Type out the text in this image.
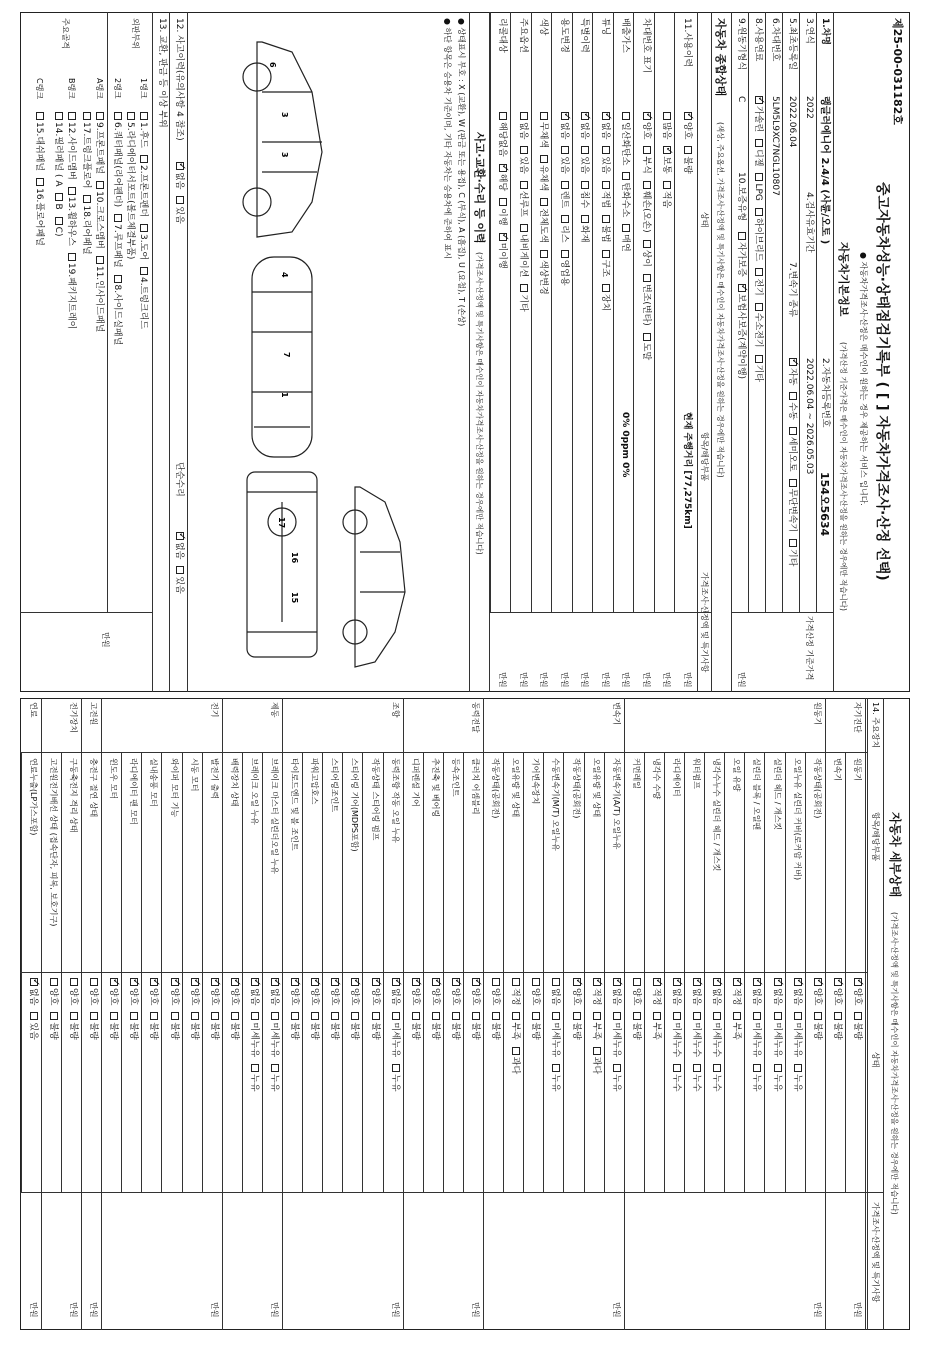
제25-00-031182호
중고자동차성능·상태점검기록부 ( [ ] 자동차가격조사·산정 선택)
● 자동차가격조사·산정은 매수인이 원하는 경우 제공하는 서비스 입니다.
자동차기본정보
(가격산정 기준가격은 매수인이 자동차가격조사·산정을 원하는 경우에만 적습니다)
1.차명
랭글러에니어 2.4/4 (사륜/오토 )
2.자동차등록번호
154오5634
3.연식
2022
4.검사유효기간
2022.06.04 ~ 2026.05.03
5.최초등록일
2022.06.04
7.변속기 종류
✓자동수동세미오토무단변속기기타
6.차대번호
5LM5L9XC7NGL10807
8.사용연료
✓가솔린디젤LPG하이브리드전기수소전기기타
9.원동기형식
C
10.보증유형
자가보증✓보험사보증(계약이행)
가격산정 기준가격
만원
자동차 종합상태
(색상, 주요옵션, 가격조사·산정액 및 특기사항은 매수인이 자동차가격조사·산정을 원하는 경우에만 적습니다)
상태
항목/해당부품
가격조사·산정액 및 특기사항
11.사용이력
✓양호불량
현재 주행거리 [77,275km]
만원
많음✓보통적음
만원
차대번호 표기
✓양호부식훼손(오손)상이변조(변타)도말
만원
배출가스
일산화탄소탄화수소매연
0% 0ppm 0%
만원
튜닝
✓없음있음적법불법구조장치
만원
특별이력
✓없음있음침수화재
만원
용도변경
✓없음있음렌트리스영업용
만원
색상
무채색유채색전체도색색상변경
만원
주요옵션
없음있음선루프내비게이션기타
만원
리콜대상
해당없음✓해당이행✓미이행
만원
사고·교환·수리 등 이력
(가격조사·산정액 및 특기사항은 매수인이 자동차가격조사·산정을 원하는 경우에만 적습니다)
● 상태표시 부호 : X (교환), W (판금 또는 용접), C (부식), A (흠집), U (요철), T (손상)
● 하단 항목은 승용차 기준이며, 기타 자동차는 승용차에 준하여 표시
3
3
6
7
1
4
17
16
15
12. 사고이력(유의사항 4 참조)
✓없음있음
단순수리
✓없음있음
13. 교환, 판금 등 이상 부위
외판부위
1랭크
1.후드2.프론트펜더3.도어4.트렁크리드
5.라디에이터서포트(볼트체결부품)
2랭크
6.쿼터패널(리어펜더)7.루프패널8.사이드실패널
주요골격
A랭크
9.프론트패널10.크로스멤버11.인사이드패널
17.트렁크플로어18.리어패널
B랭크
12.사이드멤버13.휠하우스19.패키지트레이
14.필러패널 ( ABC)
C랭크
15.대쉬패널16.플로어패널
만원
자동차 세부상태
(가격조사·산정액 및 특기사항은 매수인이 자동차가격조사·산정을 원하는 경우에만 적습니다)
14. 주요장치
항목/해당부품
상태
가격조사·산정액 및 특기사항
자기진단
원동기
✓양호불량
만원
변속기
✓양호불량
원동기
작동상태(공회전)
✓양호불량
만원
오일누유 실린더 커버(로커암 커버)
✓없음미세누유누유
실린더 헤드 / 개스킷
✓없음미세누유누유
실린더 블록 / 오일팬
✓없음미세누유누유
오일 유량
✓적정부족
냉각수누수 실린더 헤드 / 개스킷
✓없음미세누수누수
워터펌프
✓없음미세누수누수
라디에이터
✓없음미세누수누수
냉각수 수량
✓적정부족
커먼레일
양호불량
변속기
자동변속기(A/T) 오일누유
✓없음미세누유누유
만원
오일유량 및 상태
✓적정부족과다
작동상태(공회전)
✓양호불량
수동변속기(M/T) 오일누유
없음미세누유누유
기어변속장치
양호불량
오일유량 및 상태
적정부족과다
작동상태(공회전)
양호불량
동력전달
클러치 어셈블리
✓양호불량
만원
등속조인트
✓양호불량
추진축 및 베어링
✓양호불량
디퍼렌셜 기어
✓양호불량
조향
동력조향 작동 오일 누유
✓없음미세누유누유
만원
작동상태 스티어링 펌프
✓양호불량
스티어링 기어(MDPS포함)
✓양호불량
스티어링조인트
✓양호불량
파워고압호스
✓양호불량
타이로드엔드 및 볼 조인트
✓양호불량
제동
브레이크 마스터 실린더오일 누유
✓없음미세누유누유
만원
브레이크 오일 누유
✓없음미세누유누유
배력장치 상태
✓양호불량
전기
발전기 출력
✓양호불량
만원
시동 모터
✓양호불량
와이퍼 모터 기능
✓양호불량
실내송풍 모터
✓양호불량
라디에이터 팬 모터
✓양호불량
윈도우 모터
✓양호불량
고전원
충전구 절연 상태
양호불량
만원
전기장치
구동축전지 격리 상태
양호불량
만원
고전원전기배선 상태 (접속단자, 피복, 보호기구)
양호불량
연료
연료누출(LP가스포함)
✓없음있음
만원
